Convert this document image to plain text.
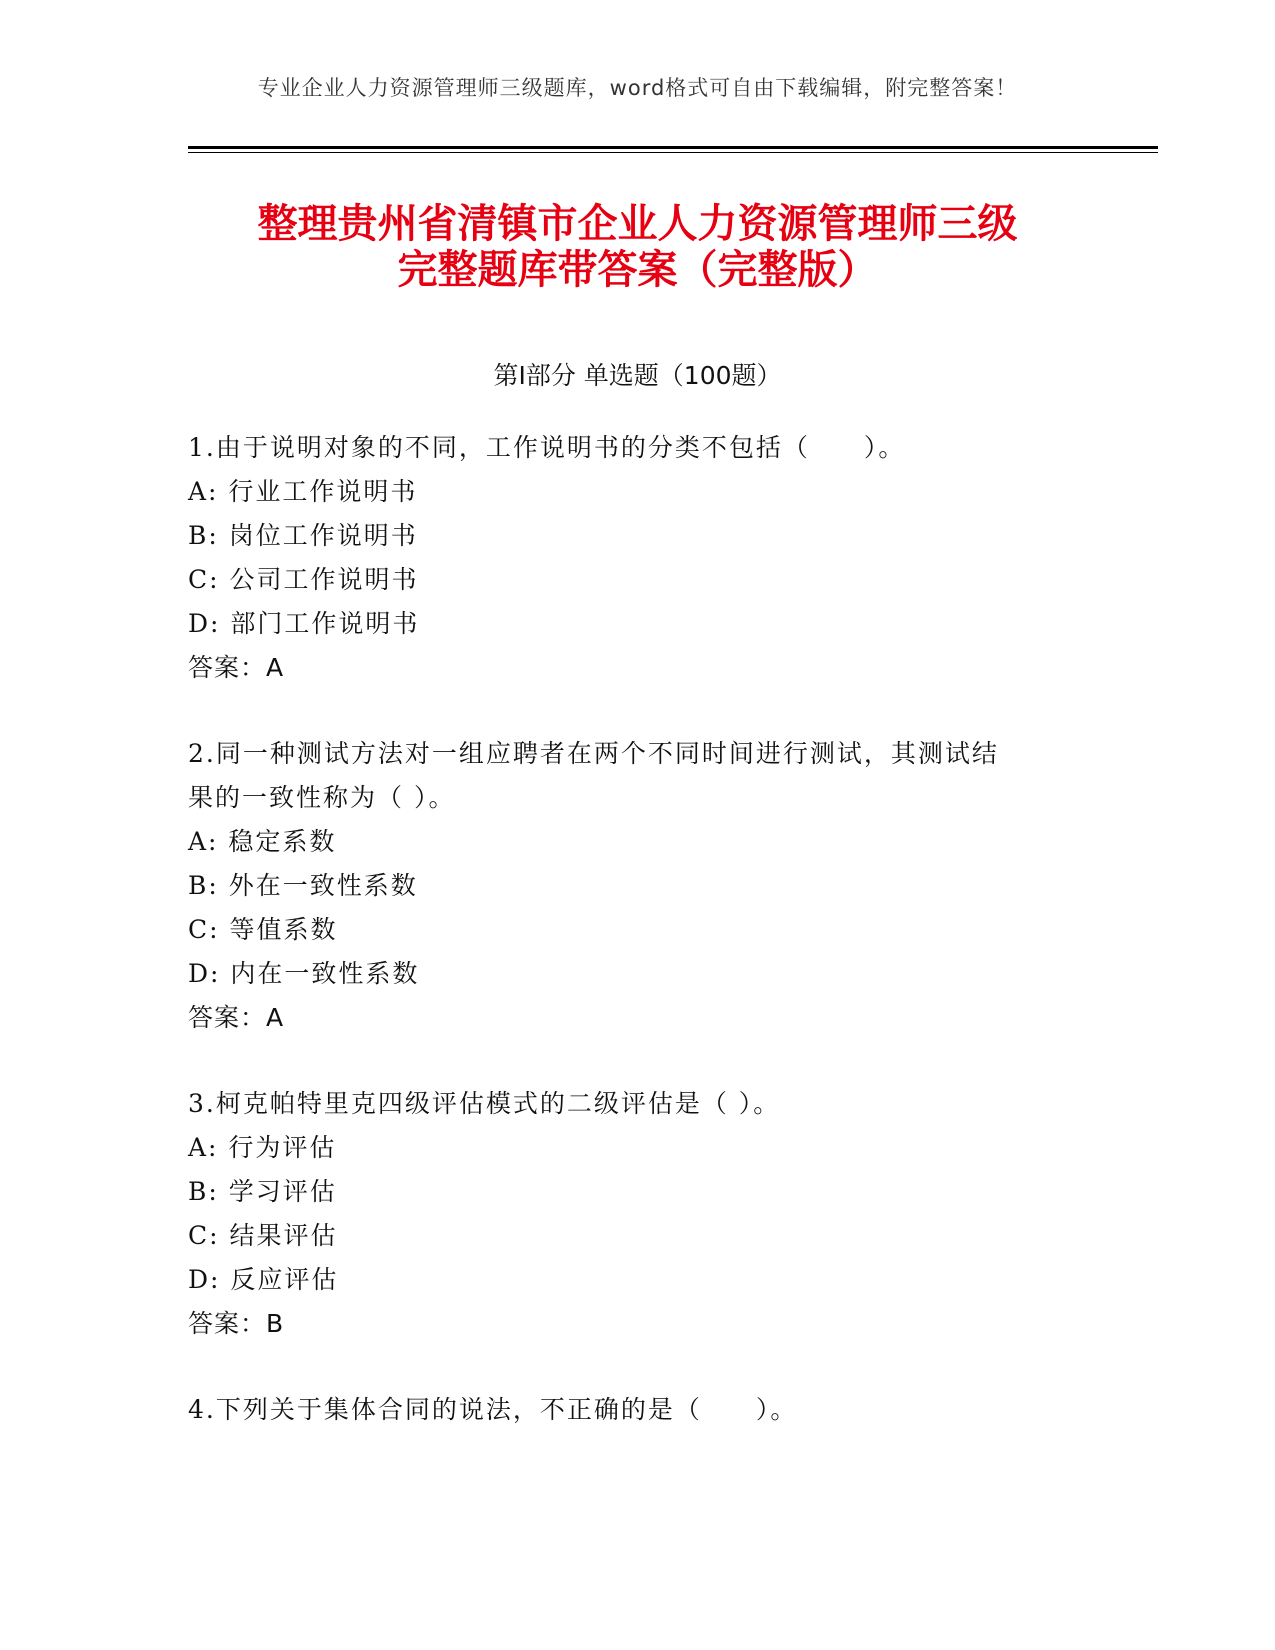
专业企业人力资源管理师三级题库，word格式可自由下载编辑，附完整答案！
整理贵州省清镇市企业人力资源管理师三级
完整题库带答案（完整版）
第Ⅰ部分 单选题（100题）
1.由于说明对象的不同，工作说明书的分类不包括（　　）。
A: 行业工作说明书
B: 岗位工作说明书
C: 公司工作说明书
D: 部门工作说明书
答案：A
2.同一种测试方法对一组应聘者在两个不同时间进行测试，其测试结
果的一致性称为（ ）。
A: 稳定系数
B: 外在一致性系数
C: 等值系数
D: 内在一致性系数
答案：A
3.柯克帕特里克四级评估模式的二级评估是（ ）。
A: 行为评估
B: 学习评估
C: 结果评估
D: 反应评估
答案：B
4.下列关于集体合同的说法，不正确的是（　　）。
